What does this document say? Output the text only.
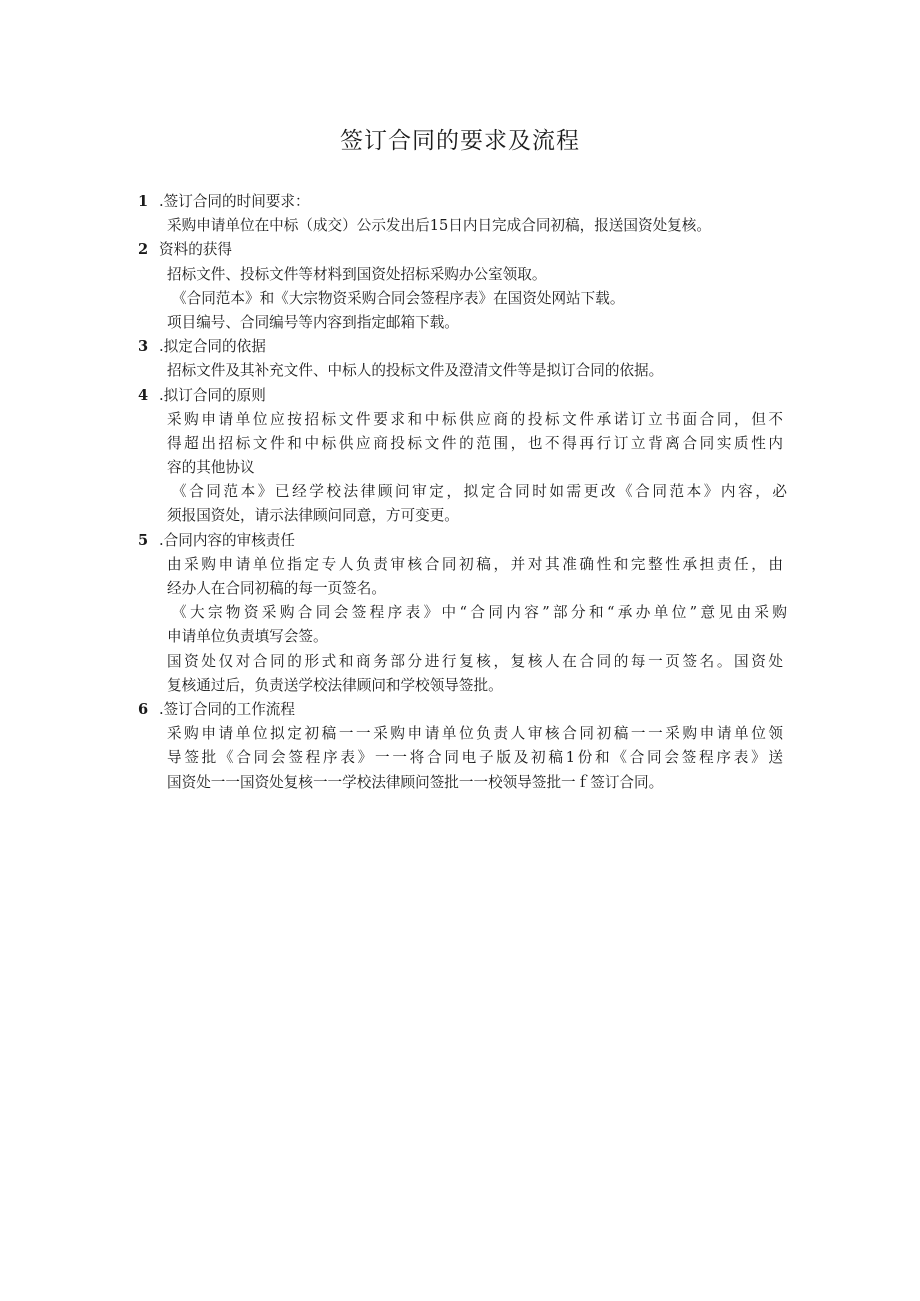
签订合同的要求及流程
1 .签订合同的时间要求：
采购申请单位在中标（成交）公示发出后15日内日完成合同初稿，报送国资处复核。
2 资料的获得
招标文件、投标文件等材料到国资处招标采购办公室领取。
《合同范本》和《大宗物资采购合同会签程序表》在国资处网站下载。
项目编号、合同编号等内容到指定邮箱下载。
3 .拟定合同的依据
招标文件及其补充文件、中标人的投标文件及澄清文件等是拟订合同的依据。
4 .拟订合同的原则
采购申请单位应按招标文件要求和中标供应商的投标文件承诺订立书面合同，但不
得超出招标文件和中标供应商投标文件的范围，也不得再行订立背离合同实质性内
容的其他协议
《合同范本》已经学校法律顾问审定，拟定合同时如需更改《合同范本》内容，必
须报国资处，请示法律顾问同意，方可变更。
5 .合同内容的审核责任
由采购申请单位指定专人负责审核合同初稿，并对其准确性和完整性承担责任，由
经办人在合同初稿的每一页签名。
《大宗物资采购合同会签程序表》中“合同内容”部分和“承办单位”意见由采购
申请单位负责填写会签。
国资处仅对合同的形式和商务部分进行复核，复核人在合同的每一页签名。国资处
复核通过后，负责送学校法律顾问和学校领导签批。
6 .签订合同的工作流程
采购申请单位拟定初稿一一采购申请单位负责人审核合同初稿一一采购申请单位领
导签批《合同会签程序表》一一将合同电子版及初稿1份和《合同会签程序表》送
国资处一一国资处复核一一学校法律顾问签批一一校领导签批一ｆ签订合同。
